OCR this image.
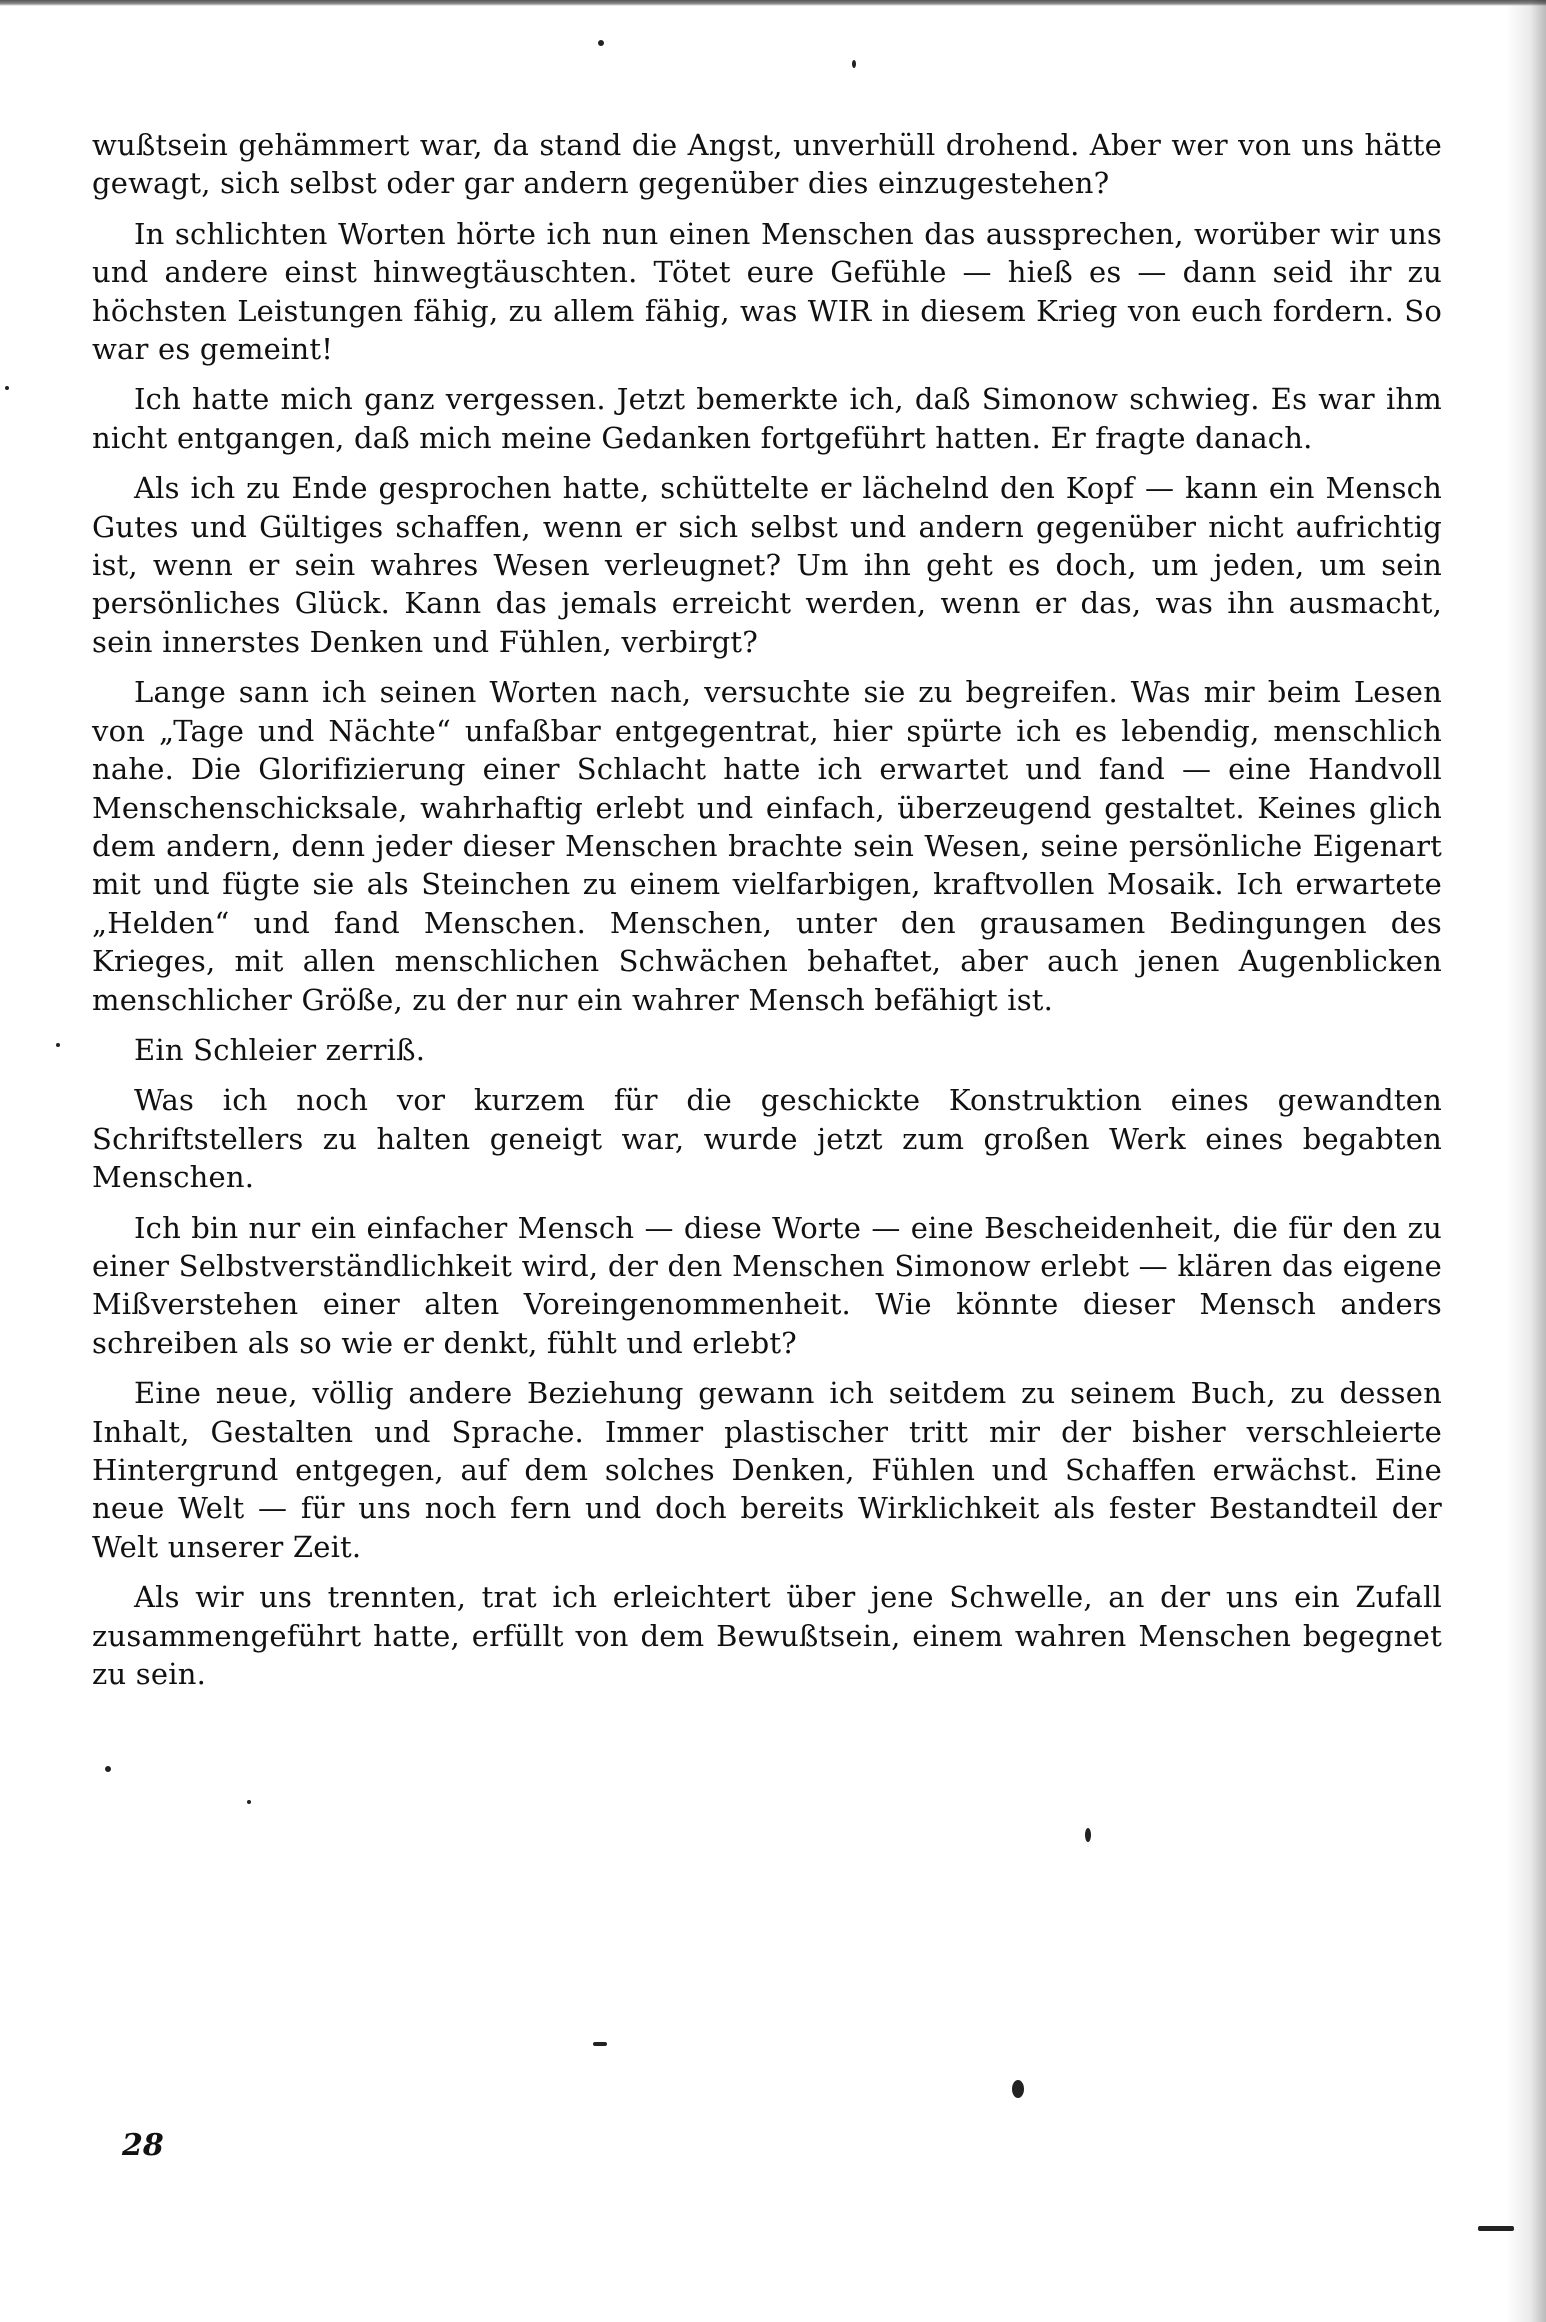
wußtsein gehämmert war, da stand die Angst, unverhüll drohend. Aber wer von uns hätte gewagt, sich selbst oder gar andern gegenüber dies einzugestehen?

In schlichten Worten hörte ich nun einen Menschen das aussprechen, worüber wir uns und andere einst hinwegtäuschten. Tötet eure Gefühle — hieß es — dann seid ihr zu höchsten Leistungen fähig, zu allem fähig, was WIR in diesem Krieg von euch fordern. So war es gemeint!

Ich hatte mich ganz vergessen. Jetzt bemerkte ich, daß Simonow schwieg. Es war ihm nicht entgangen, daß mich meine Gedanken fortgeführt hatten. Er fragte danach.

Als ich zu Ende gesprochen hatte, schüttelte er lächelnd den Kopf — kann ein Mensch Gutes und Gültiges schaffen, wenn er sich selbst und andern gegenüber nicht aufrichtig ist, wenn er sein wahres Wesen verleugnet? Um ihn geht es doch, um jeden, um sein persönliches Glück. Kann das jemals erreicht werden, wenn er das, was ihn ausmacht, sein innerstes Denken und Fühlen, verbirgt?

Lange sann ich seinen Worten nach, versuchte sie zu begreifen. Was mir beim Lesen von „Tage und Nächte“ unfaßbar entgegentrat, hier spürte ich es lebendig, menschlich nahe. Die Glorifizierung einer Schlacht hatte ich erwartet und fand — eine Handvoll Menschenschicksale, wahrhaftig erlebt und einfach, überzeugend gestaltet. Keines glich dem andern, denn jeder dieser Menschen brachte sein Wesen, seine persönliche Eigenart mit und fügte sie als Steinchen zu einem vielfarbigen, kraftvollen Mosaik. Ich erwartete „Helden“ und fand Menschen. Menschen, unter den grausamen Bedingungen des Krieges, mit allen menschlichen Schwächen behaftet, aber auch jenen Augenblicken menschlicher Größe, zu der nur ein wahrer Mensch befähigt ist.

Ein Schleier zerriß.

Was ich noch vor kurzem für die geschickte Konstruktion eines gewandten Schriftstellers zu halten geneigt war, wurde jetzt zum großen Werk eines begabten Menschen.

Ich bin nur ein einfacher Mensch — diese Worte — eine Bescheidenheit, die für den zu einer Selbstverständlichkeit wird, der den Menschen Simonow erlebt — klären das eigene Mißverstehen einer alten Voreingenommenheit. Wie könnte dieser Mensch anders schreiben als so wie er denkt, fühlt und erlebt?

Eine neue, völlig andere Beziehung gewann ich seitdem zu seinem Buch, zu dessen Inhalt, Gestalten und Sprache. Immer plastischer tritt mir der bisher verschleierte Hintergrund entgegen, auf dem solches Denken, Fühlen und Schaffen erwächst. Eine neue Welt — für uns noch fern und doch bereits Wirklichkeit als fester Bestandteil der Welt unserer Zeit.

Als wir uns trennten, trat ich erleichtert über jene Schwelle, an der uns ein Zufall zusammengeführt hatte, erfüllt von dem Bewußtsein, einem wahren Menschen begegnet zu sein.

28
